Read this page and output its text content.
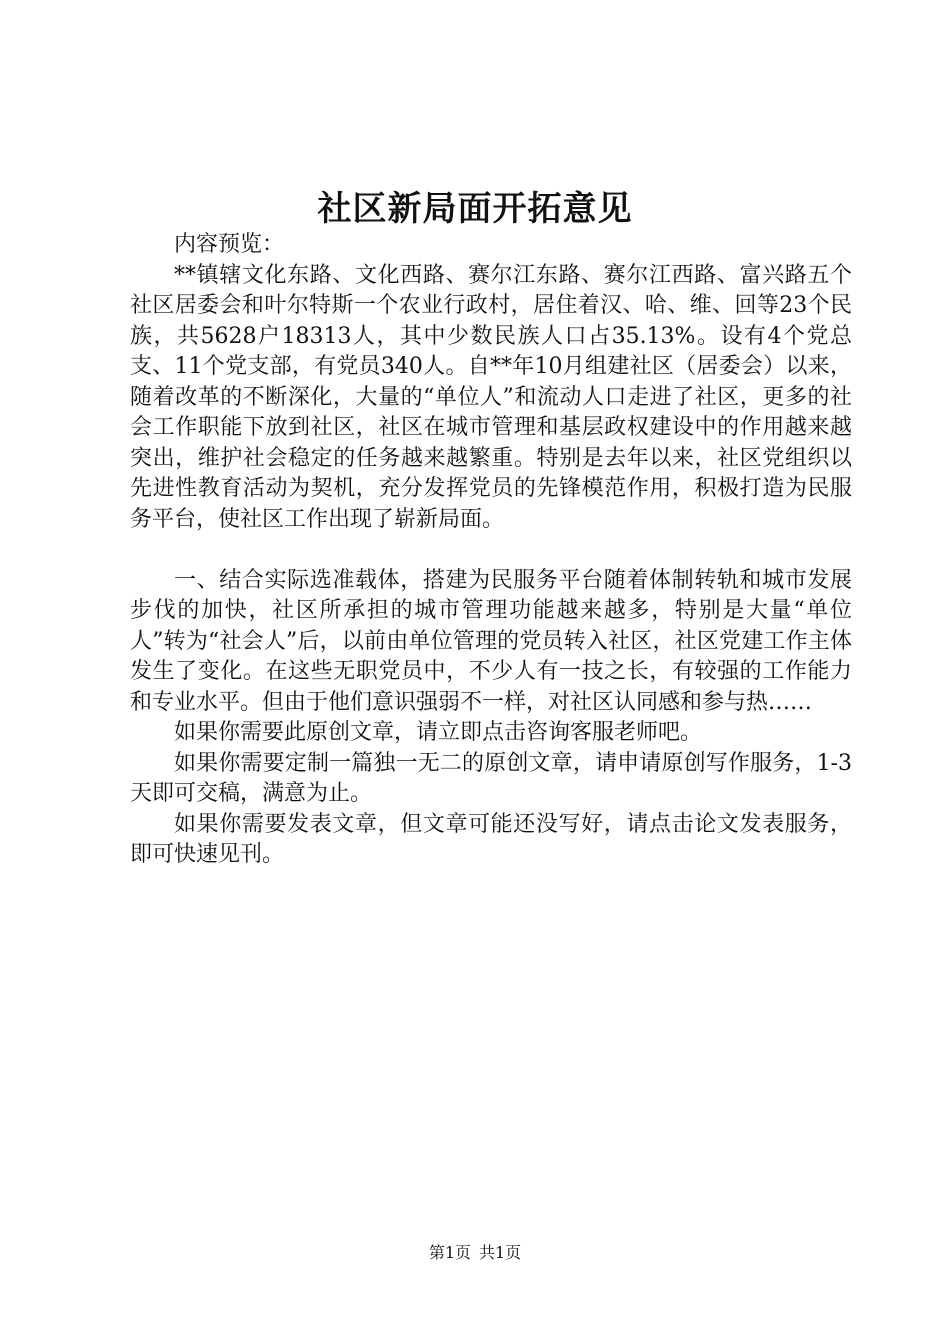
社区新局面开拓意见

内容预览：

**镇辖文化东路、文化西路、赛尔江东路、赛尔江西路、富兴路五个社区居委会和叶尔特斯一个农业行政村，居住着汉、哈、维、回等23个民族，共5628户18313人，其中少数民族人口占35.13%。设有4个党总支、11个党支部，有党员340人。自**年10月组建社区（居委会）以来，随着改革的不断深化，大量的“单位人”和流动人口走进了社区，更多的社会工作职能下放到社区，社区在城市管理和基层政权建设中的作用越来越突出，维护社会稳定的任务越来越繁重。特别是去年以来，社区党组织以先进性教育活动为契机，充分发挥党员的先锋模范作用，积极打造为民服务平台，使社区工作出现了崭新局面。

一、结合实际选准载体，搭建为民服务平台随着体制转轨和城市发展步伐的加快，社区所承担的城市管理功能越来越多，特别是大量“单位人”转为“社会人”后，以前由单位管理的党员转入社区，社区党建工作主体发生了变化。在这些无职党员中，不少人有一技之长，有较强的工作能力和专业水平。但由于他们意识强弱不一样，对社区认同感和参与热……

如果你需要此原创文章，请立即点击咨询客服老师吧。

如果你需要定制一篇独一无二的原创文章，请申请原创写作服务，1-3天即可交稿，满意为止。

如果你需要发表文章，但文章可能还没写好，请点击论文发表服务，即可快速见刊。

第1页 共1页
